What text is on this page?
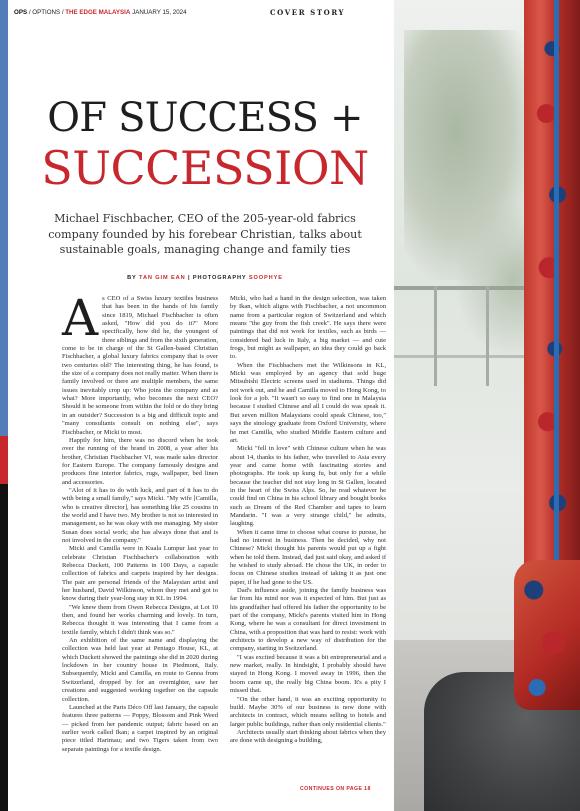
OPS / OPTIONS / THE EDGE MALAYSIA JANUARY 15, 2024	COVER STORY
OF SUCCESS +
SUCCESSION
Michael Fischbacher, CEO of the 205-year-old fabrics company founded by his forebear Christian, talks about sustainable goals, managing change and family ties
BY TAN GIM EAN | PHOTOGRAPHY SOOPHYE

As CEO of a Swiss luxury textiles business that has been in the hands of his family since 1819, Michael Fischbacher is often asked, "How did you do it?" More specifically, how did he, the youngest of three siblings and from the sixth generation, come to be in charge of the St Gallen-based Christian Fischbacher, a global luxury fabrics company that is over two centuries old? The interesting thing, he has found, is the size of a company does not really matter. When there is family involved or there are multiple members, the same issues inevitably crop up: Who joins the company and as what? More importantly, who becomes the next CEO? Should it be someone from within the fold or do they bring in an outsider? Succession is a big and difficult topic and "many consultants consult on nothing else", says Fischbacher, or Micki to most.

Happily for him, there was no discord when he took over the running of the brand in 2008, a year after his brother, Christian Fischbacher VI, was made sales director for Eastern Europe. The company famously designs and produces fine interior fabrics, rugs, wallpaper, bed linen and accessories.

"Alot of it has to do with luck, and part of it has to do with being a small family," says Micki. "My wife [Camilla, who is creative director], has something like 25 cousins in the world and I have two. My brother is not so interested in management, so he was okay with me managing. My sister Susan does social work; she has always done that and is not involved in the company."

Micki and Camilla were in Kuala Lumpur last year to celebrate Christian Fischbacher's collaboration with Rebecca Duckett, 100 Patterns in 100 Days, a capsule collection of fabrics and carpets inspired by her designs. The pair are personal friends of the Malaysian artist and her husband, David Wilkinson, whom they met and got to know during their year-long stay in KL in 1994.

"We knew them from Owen Rebecca Designs, at Lot 10 then, and found her works charming and lovely. In turn, Rebecca thought it was interesting that I came from a textile family, which I didn't think was so."

An exhibition of the same name and displaying the collection was held last year at Pentago House, KL, at which Duckett showed the paintings she did in 2020 during lockdown in her country house in Piedmont, Italy. Subsequently, Micki and Camilla, en route to Genoa from Switzerland, dropped by for an overnighter, saw her creations and suggested working together on the capsule collection.

Launched at the Paris Déco Off last January, the capsule features three patterns — Poppy, Blossom and Pink Weed — picked from her pandemic output; fabric based on an earlier work called Ikan; a carpet inspired by an original piece titled Harimau; and two Tigers taken from two separate paintings for a textile design.

Micki, who had a hand in the design selection, was taken by Ikan, which aligns with Fischbacher, a not uncommon name from a particular region of Switzerland and which means "the guy from the fish creek". He says there were paintings that did not work for textiles, such as birds — considered bad luck in Italy, a big market — and cute frogs, but might as wallpaper, an idea they could go back to.

When the Fischbachers met the Wilkinsons in KL, Micki was employed by an agency that sold huge Mitsubishi Electric screens used in stadiums. Things did not work out, and he and Camilla moved to Hong Kong, to look for a job. "It wasn't so easy to find one in Malaysia because I studied Chinese and all I could do was speak it. But seven million Malaysians could speak Chinese, too," says the sinology graduate from Oxford University, where he met Camilla, who studied Middle Eastern culture and art.

Micki "fell in love" with Chinese culture when he was about 14, thanks to his father, who travelled to Asia every year and came home with fascinating stories and photographs. He took up kung fu, but only for a while because the teacher did not stay long in St Gallen, located in the heart of the Swiss Alps. So, he read whatever he could find on China in his school library and bought books such as Dream of the Red Chamber and tapes to learn Mandarin. "I was a very strange child," he admits, laughing.

When it came time to choose what course to pursue, he had no interest in business. Then he decided, why not Chinese? Micki thought his parents would put up a fight when he told them. Instead, dad just said okay, and asked if he wished to study abroad. He chose the UK, in order to focus on Chinese studies instead of taking it as just one paper, if he had gone to the US.

Dad's influence aside, joining the family business was far from his mind nor was it expected of him. But just as his grandfather had offered his father the opportunity to be part of the company, Micki's parents visited him in Hong Kong, where he was a consultant for direct investment in China, with a proposition that was hard to resist: work with architects to develop a new way of distribution for the company, starting in Switzerland.

"I was excited because it was a bit entrepreneurial and a new market, really. In hindsight, I probably should have stayed in Hong Kong. I moved away in 1996, then the boom came up, the really big China boom. It's a pity I missed that.

"On the other hand, it was an exciting opportunity to build. Maybe 30% of our business is now done with architects in contract, which means selling to hotels and larger public buildings, rather than only residential clients."

Architects usually start thinking about fabrics when they are done with designing a building,

CONTINUES ON PAGE 18
